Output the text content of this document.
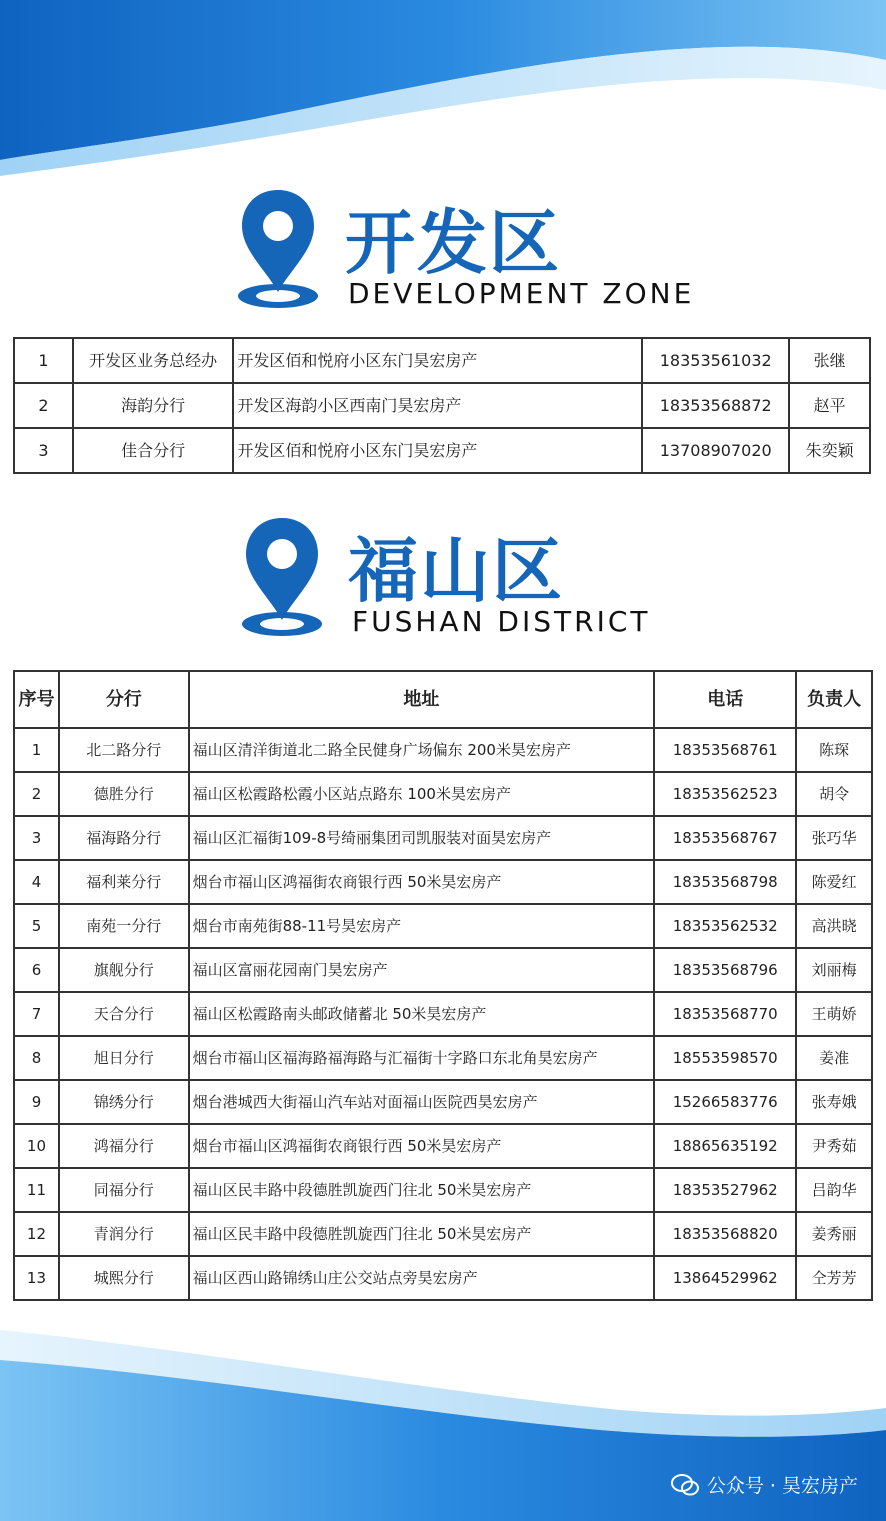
开发区
DEVELOPMENT ZONE
1	开发区业务总经办	开发区佰和悦府小区东门昊宏房产	18353561032	张继
2	海韵分行	开发区海韵小区西南门昊宏房产	18353568872	赵平
3	佳合分行	开发区佰和悦府小区东门昊宏房产	13708907020	朱奕颖
福山区
FUSHAN DISTRICT
序号	分行	地址	电话	负责人
1	北二路分行	福山区清洋街道北二路全民健身广场偏东 200米昊宏房产	18353568761	陈琛
2	德胜分行	福山区松霞路松霞小区站点路东 100米昊宏房产	18353562523	胡令
3	福海路分行	福山区汇福街109-8号绮丽集团司凯服装对面昊宏房产	18353568767	张巧华
4	福利莱分行	烟台市福山区鸿福街农商银行西 50米昊宏房产	18353568798	陈爱红
5	南苑一分行	烟台市南苑街88-11号昊宏房产	18353562532	高洪晓
6	旗舰分行	福山区富丽花园南门昊宏房产	18353568796	刘丽梅
7	天合分行	福山区松霞路南头邮政储蓄北 50米昊宏房产	18353568770	王萌娇
8	旭日分行	烟台市福山区福海路福海路与汇福街十字路口东北角昊宏房产	18553598570	姜准
9	锦绣分行	烟台港城西大街福山汽车站对面福山医院西昊宏房产	15266583776	张寿娥
10	鸿福分行	烟台市福山区鸿福街农商银行西 50米昊宏房产	18865635192	尹秀茹
11	同福分行	福山区民丰路中段德胜凯旋西门往北 50米昊宏房产	18353527962	吕韵华
12	青润分行	福山区民丰路中段德胜凯旋西门往北 50米昊宏房产	18353568820	姜秀丽
13	城熙分行	福山区西山路锦绣山庄公交站点旁昊宏房产	13864529962	仝芳芳
公众号 · 昊宏房产
